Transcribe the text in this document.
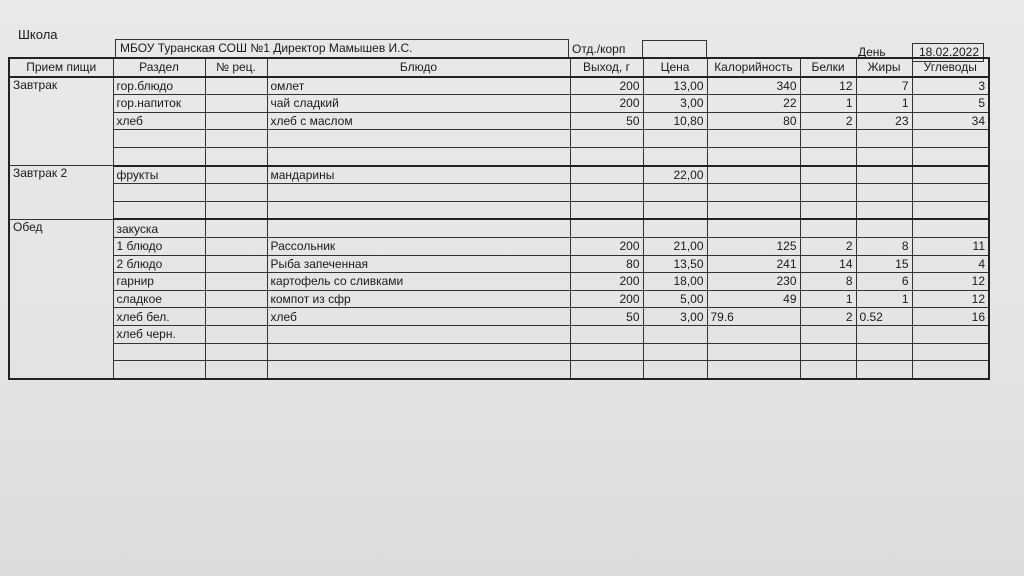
Школа
МБОУ Туранская СОШ №1 Директор Мамышев И.С.	Отд./корп	День	18.02.2022
Прием пищи	Раздел	№ рец.	Блюдо	Выход, г	Цена	Калорийность	Белки	Жиры	Углеводы
Завтрак	гор.блюдо		омлет	200	13,00	340	12	7	3
	гор.напиток		чай сладкий	200	3,00	22	1	1	5
	хлеб		хлеб с маслом	50	10,80	80	2	23	34

Завтрак 2	фрукты		мандарины		22,00				

Обед	закуска								
	1 блюдо		Рассольник	200	21,00	125	2	8	11
	2 блюдо		Рыба запеченная	80	13,50	241	14	15	4
	гарнир		картофель со сливками	200	18,00	230	8	6	12
	сладкое		компот из сфр	200	5,00	49	1	1	12
	хлеб бел.		хлеб	50	3,00	79.6	2	0.52	16
	хлеб черн.								
